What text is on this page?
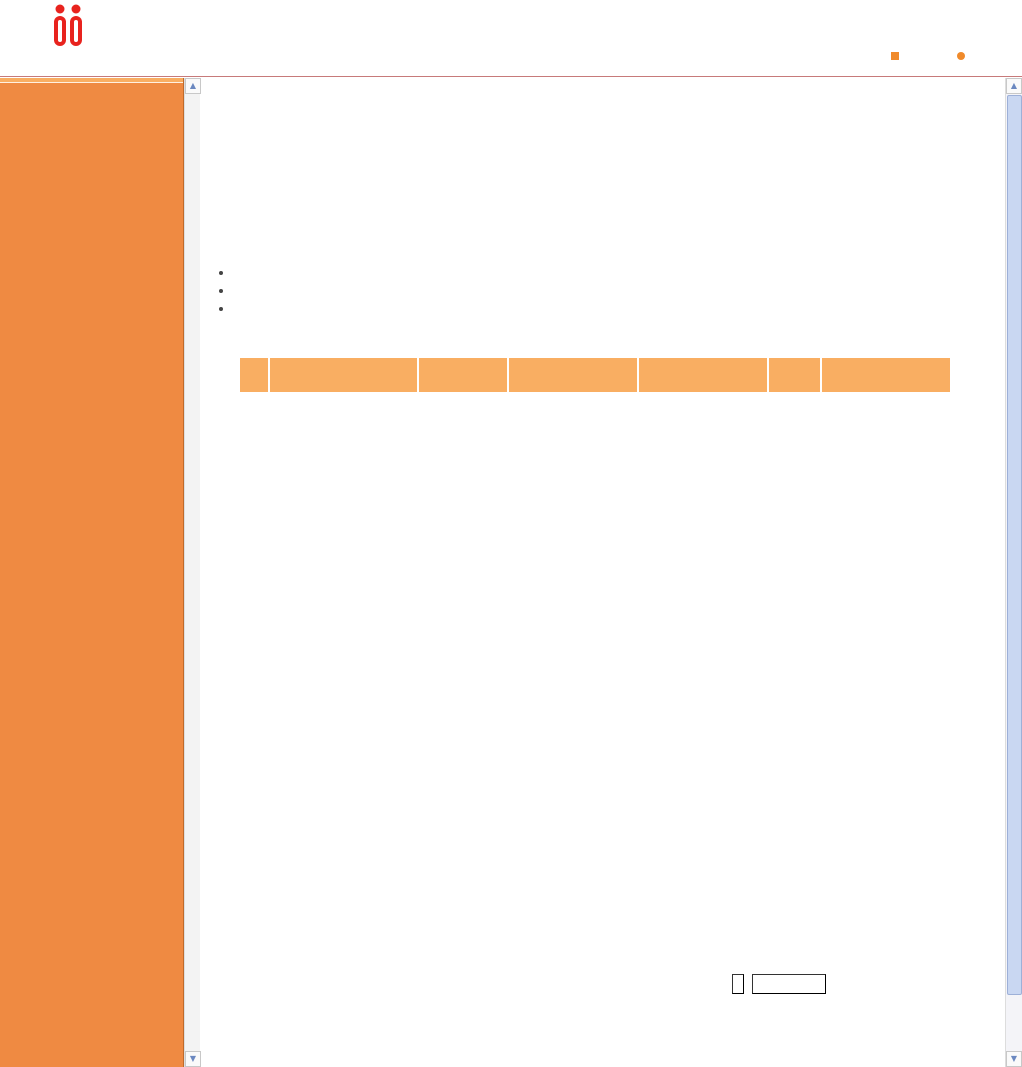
▲
▼

▲
▼
